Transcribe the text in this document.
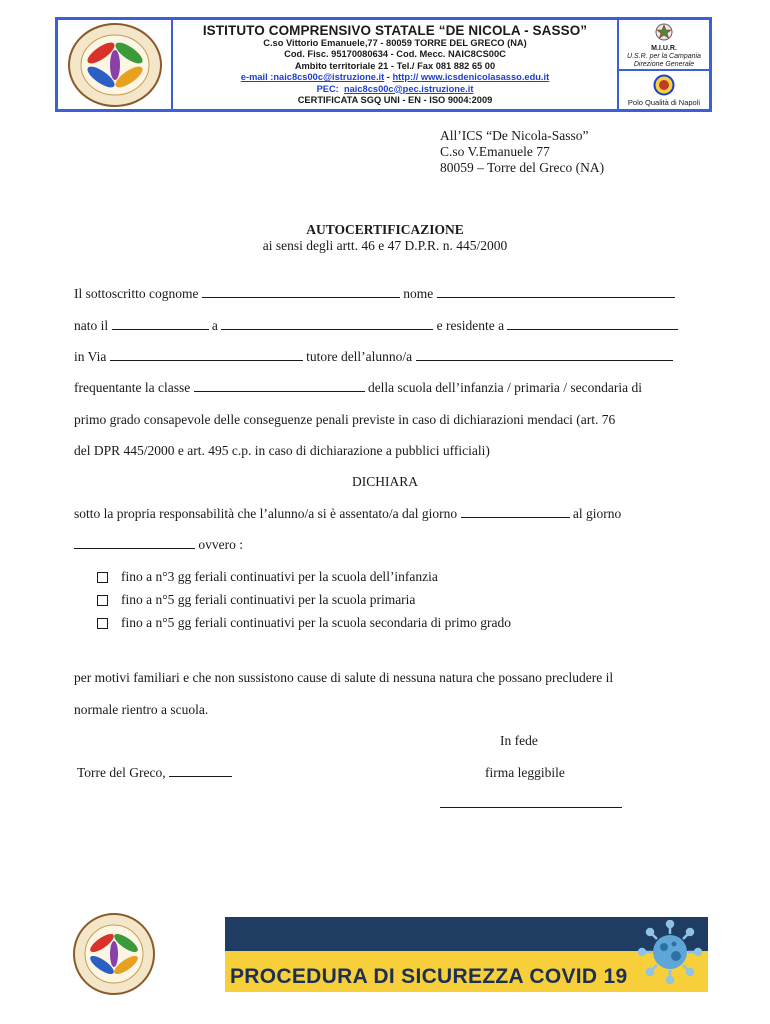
ISTITUTO COMPRENSIVO STATALE “DE NICOLA - SASSO”
C.so Vittorio Emanuele,77 - 80059 TORRE DEL GRECO (NA)
Cod. Fisc. 95170080634 - Cod. Mecc. NAIC8CS00C
Ambito territoriale 21 - Tel./ Fax 081 882 65 00
e-mail :naic8cs00c@istruzione.it - http:// www.icsdenicolasasso.edu.it
PEC: naic8cs00c@pec.istruzione.it
CERTIFICATA SGQ UNI - EN - ISO 9004:2009
M.I.U.R.
U.S.R. per la Campania
Direzione Generale
Polo Qualità di Napoli
All’ICS “De Nicola-Sasso”
C.so V.Emanuele 77
80059 – Torre del Greco (NA)
AUTOCERTIFICAZIONE
ai sensi degli artt. 46 e 47 D.P.R. n. 445/2000
Il sottoscritto cognome	nome
nato il	a	e residente a
in Via	tutore dell’alunno/a
frequentante la classe	della scuola dell’infanzia / primaria / secondaria di
primo grado consapevole delle conseguenze penali previste in caso di dichiarazioni mendaci (art. 76
del DPR 445/2000 e art. 495 c.p. in caso di dichiarazione a pubblici ufficiali)
DICHIARA
sotto la propria responsabilità che l’alunno/a si è assentato/a dal giorno	al giorno
ovvero :
fino a n°3 gg feriali continuativi per la scuola dell’infanzia
fino a n°5 gg feriali continuativi per la scuola primaria
fino a n°5 gg feriali continuativi per la scuola secondaria di primo grado
per motivi familiari e che non sussistono cause di salute di nessuna natura che possano precludere il
normale rientro a scuola.
In fede
Torre del Greco,	firma leggibile
PROCEDURA DI SICUREZZA COVID 19
